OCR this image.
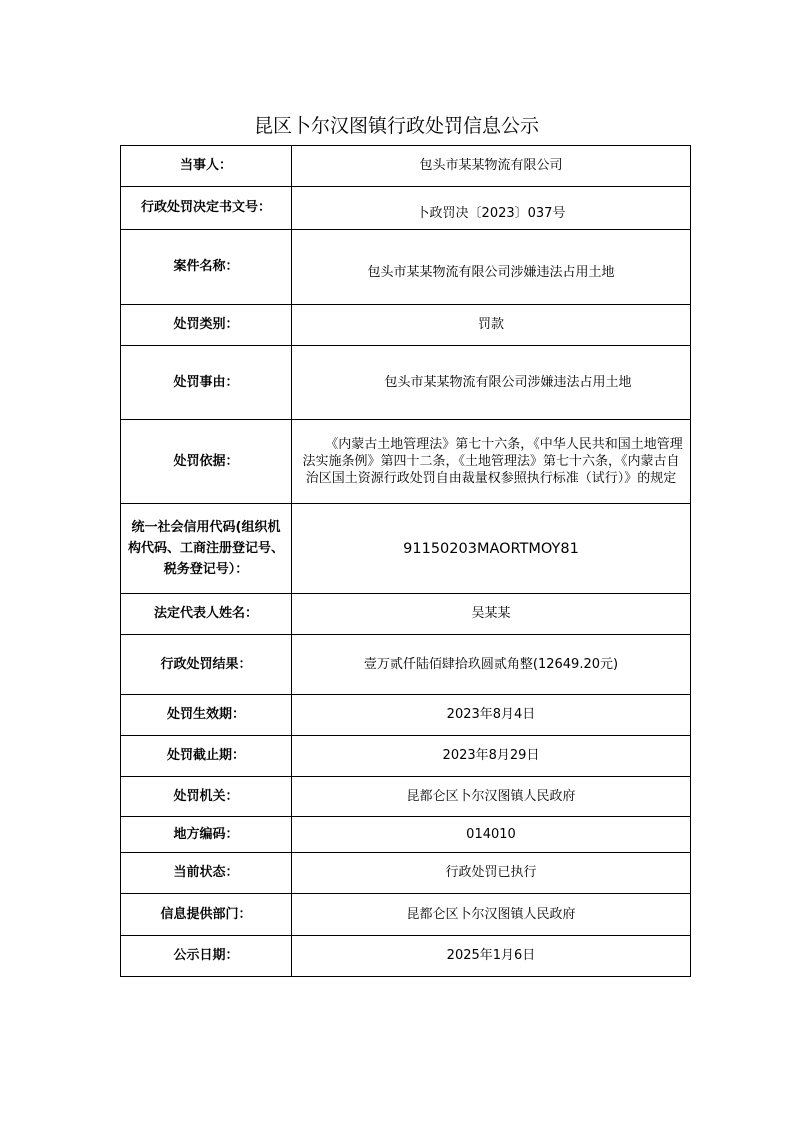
昆区卜尔汉图镇行政处罚信息公示
当事人：	包头市某某物流有限公司
行政处罚决定书文号：	卜政罚决〔2023〕037号
案件名称：	包头市某某物流有限公司涉嫌违法占用土地
处罚类别：	罚款
处罚事由：	包头市某某物流有限公司涉嫌违法占用土地
处罚依据：	《内蒙古土地管理法》第七十六条，《中华人民共和国土地管理法实施条例》第四十二条，《土地管理法》第七十六条，《内蒙古自治区国土资源行政处罚自由裁量权参照执行标准（试行）》的规定
统一社会信用代码(组织机构代码、工商注册登记号、税务登记号）：	91150203MAORTMOY81
法定代表人姓名：	吴某某
行政处罚结果：	壹万贰仟陆佰肆拾玖圆贰角整(12649.20元)
处罚生效期：	2023年8月4日
处罚截止期：	2023年8月29日
处罚机关：	昆都仑区卜尔汉图镇人民政府
地方编码：	014010
当前状态：	行政处罚已执行
信息提供部门：	昆都仑区卜尔汉图镇人民政府
公示日期：	2025年1月6日
